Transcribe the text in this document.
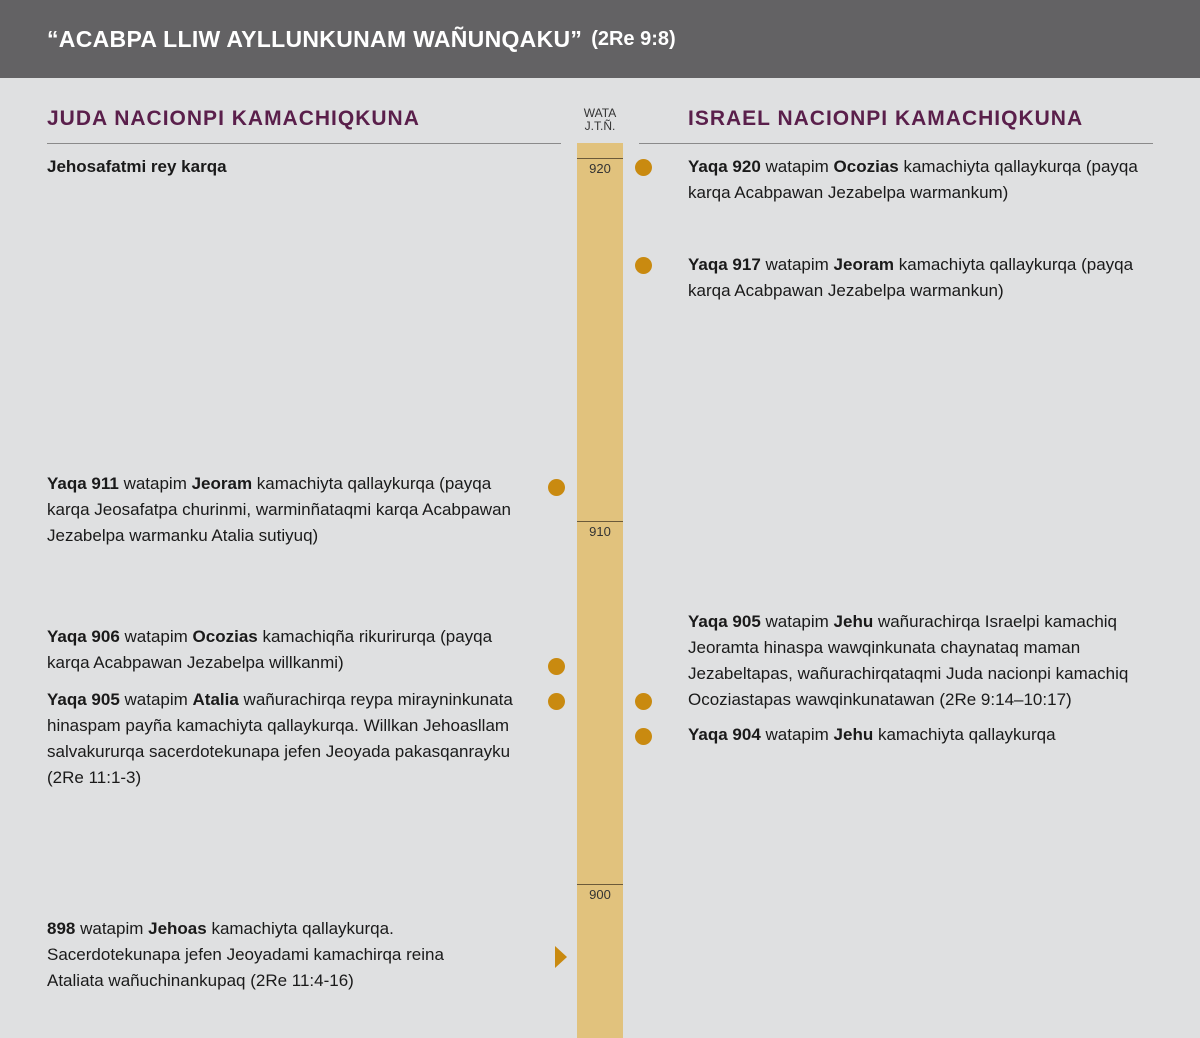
“ACABPA LLIW AYLLUNKUNAM WAÑUNQAKU” (2Re 9:8)
JUDA NACIONPI KAMACHIQKUNA	ISRAEL NACIONPI KAMACHIQKUNA
WATA
J.T.Ñ.
920
910
900
Jehosafatmi rey karqa
Yaqa 911 watapim Jeoram kamachiyta qallaykurqa (payqa karqa Jeosafatpa churinmi, warminñataqmi karqa Acabpawan Jezabelpa warmanku Atalia sutiyuq)
Yaqa 906 watapim Ocozias kamachiqña rikurirurqa (payqa karqa Acabpawan Jezabelpa willkanmi)
Yaqa 905 watapim Atalia wañurachirqa reypa mirayninkunata hinaspam payña kamachiyta qallaykurqa. Willkan Jehoasllam salvakururqa sacerdotekunapa jefen Jeoyada pakasqanrayku (2Re 11:1-3)
898 watapim Jehoas kamachiyta qallaykurqa. Sacerdotekunapa jefen Jeoyadami kamachirqa reina Ataliata wañuchinankupaq (2Re 11:4-16)
Yaqa 920 watapim Ocozias kamachiyta qallaykurqa (payqa karqa Acabpawan Jezabelpa warmankum)
Yaqa 917 watapim Jeoram kamachiyta qallaykurqa (payqa karqa Acabpawan Jezabelpa warmankun)
Yaqa 905 watapim Jehu wañurachirqa Israelpi kamachiq Jeoramta hinaspa wawqinkunata chaynataq maman Jezabeltapas, wañurachirqataqmi Juda nacionpi kamachiq Ocoziastapas wawqinkunatawan (2Re 9:14–10:17)
Yaqa 904 watapim Jehu kamachiyta qallaykurqa
